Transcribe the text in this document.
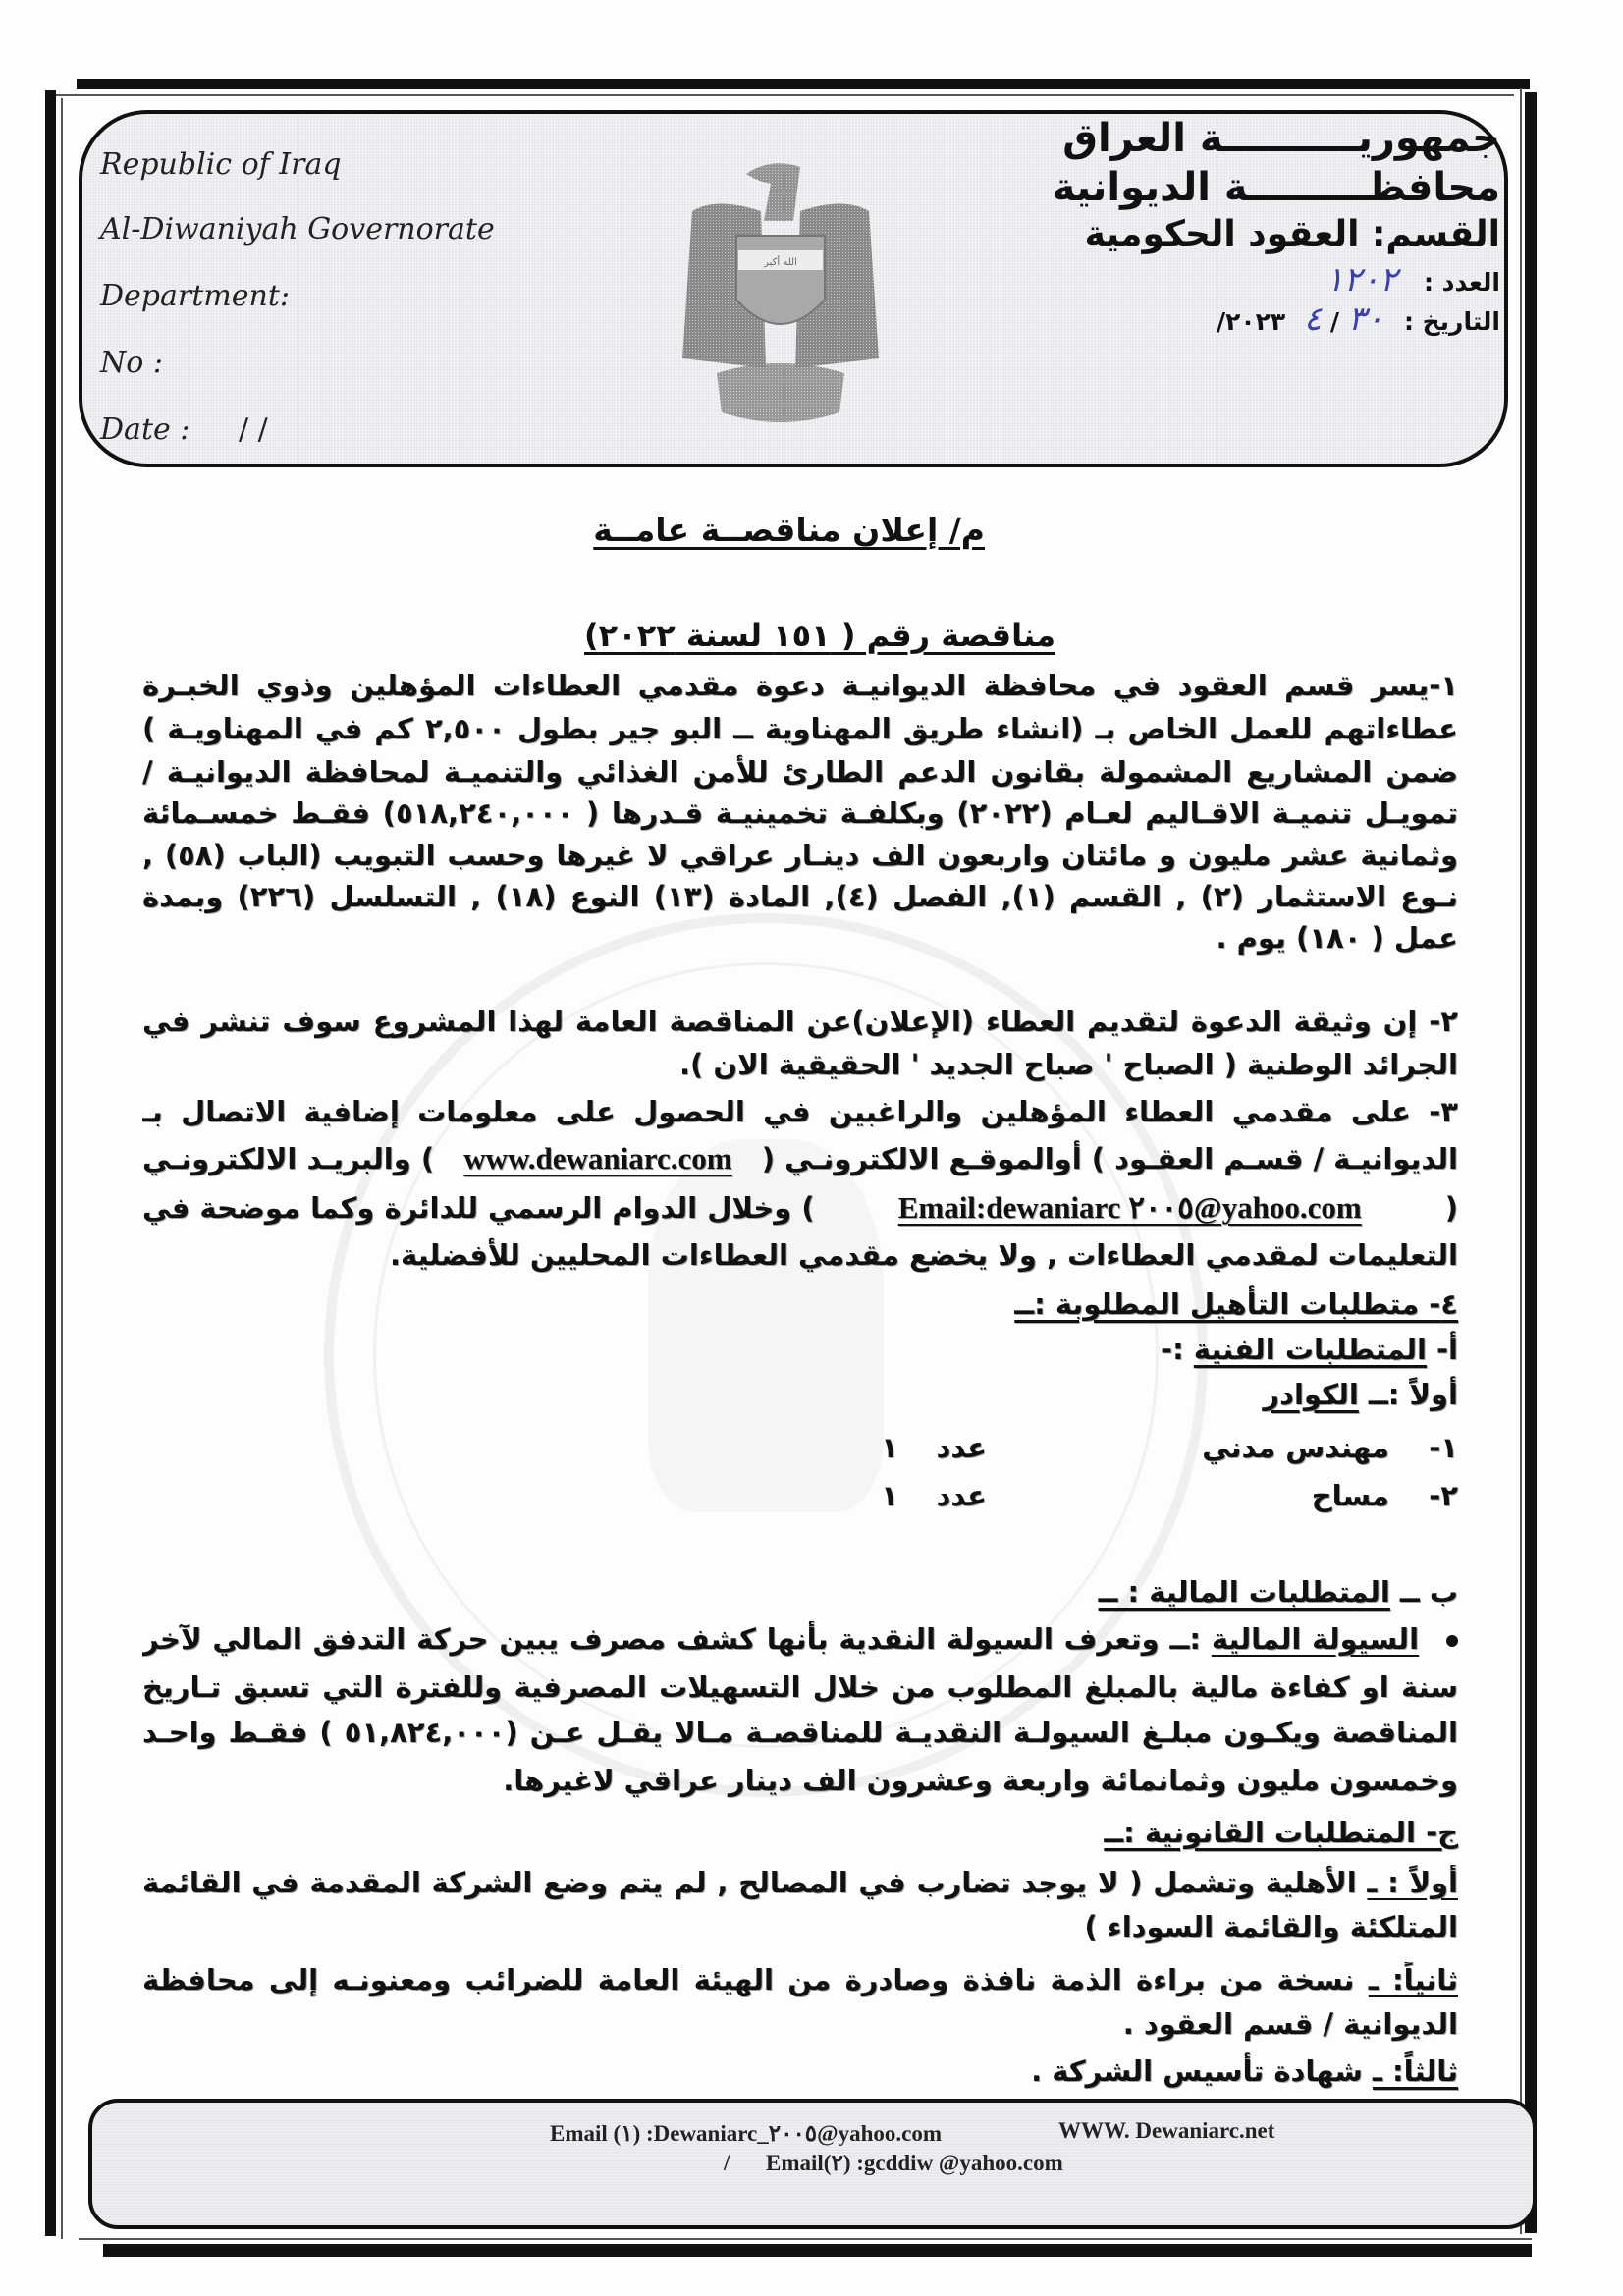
Republic of Iraq
Al-Diwaniyah Governorate
Department:
No :
Date : / /
الله أكبر
جمهوريــــــــــة العراق
محافظـــــــــة الديوانية
القسم: العقود الحكومية
العدد : ١٢٠٢
التاريخ : ٣٠ / ٤ ٢٠٢٣/
م/ إعلان مناقصــة عامــة
مناقصة رقم ( ١٥١ لسنة ٢٠٢٢)
١-يسر قسم العقود في محافظة الديوانيـة دعوة مقدمي العطاءات المؤهلين وذوي الخبـرة
عطاءاتهم للعمل الخاص بـ (انشاء طريق المهناوية ــ البو جير بطول ٢,٥٠٠ كم في المهناويـة )
ضمن المشاريع المشمولة بقانون الدعم الطارئ للأمن الغذائي والتنميـة لمحافظة الديوانيـة /
تمويـل تنميـة الاقـاليم لعـام (٢٠٢٢) وبكلفـة تخمينيـة قـدرها ( ٥١٨,٢٤٠,٠٠٠) فقـط خمسـمائة
وثمانية عشر مليون و مائتان واربعون الف دينـار عراقي لا غيرها وحسب التبويب (الباب (٥٨) ,
نـوع الاستثمار (٢) , القسم (١), الفصل (٤), المادة (١٣) النوع (١٨) , التسلسل (٢٢٦) وبمدة
عمل ( ١٨٠) يوم .
٢- إن وثيقة الدعوة لتقديم العطاء (الإعلان)عن المناقصة العامة لهذا المشروع سوف تنشر في
الجرائد الوطنية ( الصباح ' صباح الجديد ' الحقيقية الان ).
٣- على مقدمي العطاء المؤهلين والراغبين في الحصول على معلومات إضافية الاتصال بـ
الديوانيـة / قسـم العقـود ) أوالموقـع الالكترونـي (
www.dewaniarc.com
) والبريـد الالكترونـي
(
Email:dewaniarc ٢٠٠٥@yahoo.com
) وخلال الدوام الرسمي للدائرة وكما موضحة في
التعليمات لمقدمي العطاءات , ولا يخضع مقدمي العطاءات المحليين للأفضلية.
٤- متطلبات التأهيل المطلوبة :ــ
أ- المتطلبات الفنية :-
أولاً :ــ الكوادر
١-
مهندس مدني
عدد
١
٢-
مساح
عدد
١
ب ــ المتطلبات المالية : ــ
السيولة المالية :ــ وتعرف السيولة النقدية بأنها كشف مصرف يبين حركة التدفق المالي لآخر
سنة او كفاءة مالية بالمبلغ المطلوب من خلال التسهيلات المصرفية وللفترة التي تسبق تـاريخ
المناقصة ويكـون مبلـغ السيولـة النقديـة للمناقصـة مـالا يقـل عـن (٥١,٨٢٤,٠٠٠ ) فقـط واحـد
وخمسون مليون وثمانمائة واربعة وعشرون الف دينار عراقي لاغيرها.
ج- المتطلبات القانونية :ــ
أولاً : ـ الأهلية وتشمل ( لا يوجد تضارب في المصالح , لم يتم وضع الشركة المقدمة في القائمة
المتلكئة والقائمة السوداء )
ثانياً: ـ نسخة من براءة الذمة نافذة وصادرة من الهيئة العامة للضرائب ومعنونـه إلى محافظة
الديوانية / قسم العقود .
ثالثاً: ـ شهادة تأسيس الشركة .
Email (١) :Dewaniarc_٢٠٠٥@yahoo.com	WWW. Dewaniarc.net
/ Email(٢) :gcddiw @yahoo.com
